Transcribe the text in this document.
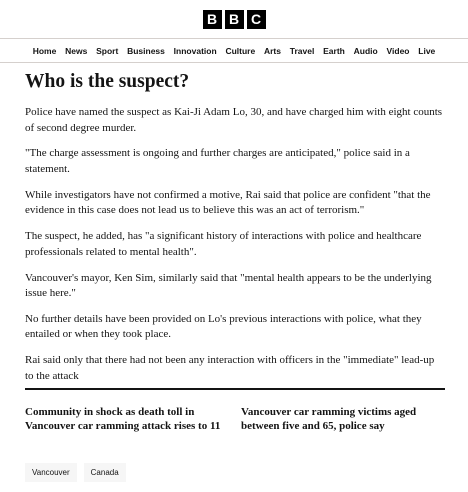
B B C
Home	News	Sport	Business	Innovation	Culture	Arts	Travel	Earth	Audio	Video	Live
Who is the suspect?

Police have named the suspect as Kai-Ji Adam Lo, 30, and have charged him with eight counts of second degree murder.

"The charge assessment is ongoing and further charges are anticipated," police said in a statement.

While investigators have not confirmed a motive, Rai said that police are confident "that the evidence in this case does not lead us to believe this was an act of terrorism."

The suspect, he added, has "a significant history of interactions with police and healthcare professionals related to mental health".

Vancouver's mayor, Ken Sim, similarly said that "mental health appears to be the underlying issue here."

No further details have been provided on Lo's previous interactions with police, what they entailed or when they took place.

Rai said only that there had not been any interaction with officers in the "immediate" lead-up to the attack

Community in shock as death toll in Vancouver car ramming attack rises to 11
Vancouver car ramming victims aged between five and 65, police say
Vancouver	Canada
